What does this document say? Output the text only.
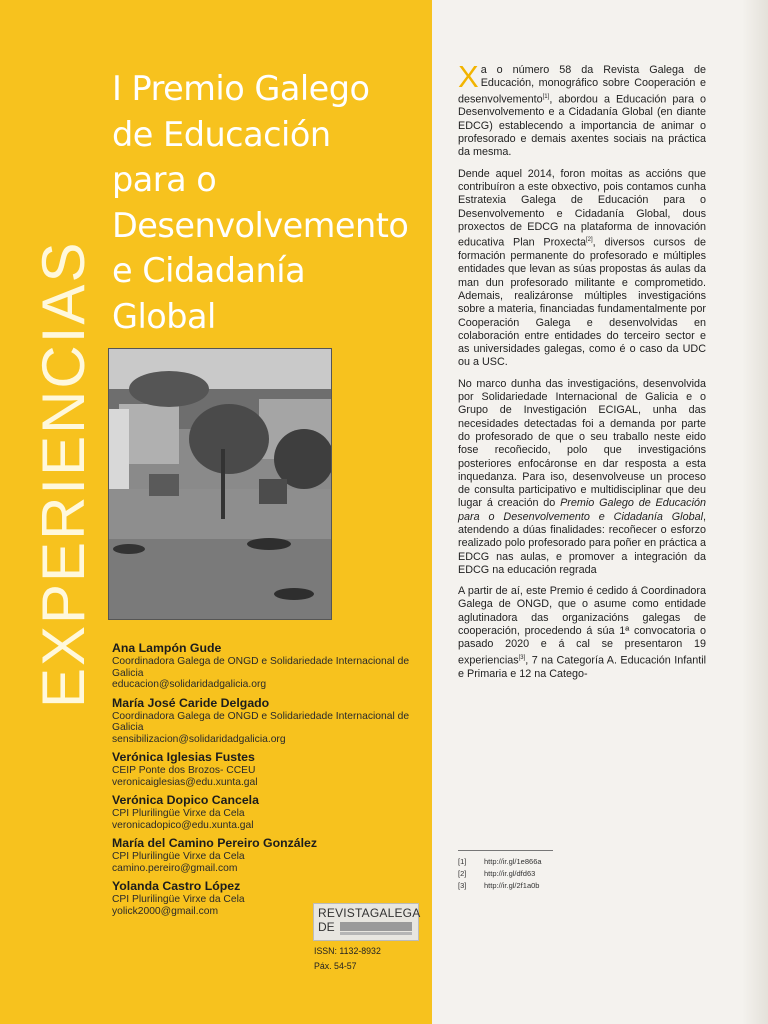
EXPERIENCIAS
I Premio Galego
de Educación
para o
Desenvolvemento
e Cidadanía
Global
Ana Lampón Gude
Coordinadora Galega de ONGD e Solidariedade Internacional de Galicia
educacion@solidaridadgalicia.org
María José Caride Delgado
Coordinadora Galega de ONGD e Solidariedade Internacional de Galicia
sensibilizacion@solidaridadgalicia.org
Verónica Iglesias Fustes
CEIP Ponte dos Brozos- CCEU
veronicaiglesias@edu.xunta.gal
Verónica Dopico Cancela
CPI Plurilingüe Virxe da Cela
veronicadopico@edu.xunta.gal
María del Camino Pereiro González
CPI Plurilingüe Virxe da Cela
camino.pereiro@gmail.com
Yolanda Castro López
CPI Plurilingüe Virxe da Cela
yolick2000@gmail.com	REVISTAGALEGA
DE
ISSN: 1132-8932
Páx. 54-57

Xa o número 58 da Revista Galega de Educación, monográfico sobre Cooperación e desenvolvemento[1], abordou a Educación para o Desenvolvemento e a Cidadanía Global (en diante EDCG) establecendo a importancia de animar o profesorado e demais axentes sociais na práctica da mesma.

Dende aquel 2014, foron moitas as accións que contribuíron a este obxectivo, pois contamos cunha Estratexia Galega de Educación para o Desenvolvemento e Cidadanía Global, dous proxectos de EDCG na plataforma de innovación educativa Plan Proxecta[2], diversos cursos de formación permanente do profesorado e múltiples entidades que levan as súas propostas ás aulas da man dun profesorado militante e comprometido. Ademais, realizáronse múltiples investigacións sobre a materia, financiadas fundamentalmente por Cooperación Galega e desenvolvidas en colaboración entre entidades do terceiro sector e as universidades galegas, como é o caso da UDC ou a USC.

No marco dunha das investigacións, desenvolvida por Solidariedade Internacional de Galicia e o Grupo de Investigación ECIGAL, unha das necesidades detectadas foi a demanda por parte do profesorado de que o seu traballo neste eido fose recoñecido, polo que investigacións posteriores enfocáronse en dar resposta a esta inquedanza. Para iso, desenvolveuse un proceso de consulta participativo e multidisciplinar que deu lugar á creación do Premio Galego de Educación para o Desenvolvemento e Cidadanía Global, atendendo a dúas finalidades: recoñecer o esforzo realizado polo profesorado para poñer en práctica a EDCG nas aulas, e promover a integración da EDCG na educación regrada

A partir de aí, este Premio é cedido á Coordinadora Galega de ONGD, que o asume como entidade aglutinadora das organizacións galegas de cooperación, procedendo á súa 1ª convocatoria o pasado 2020 e á cal se presentaron 19 experiencias[3], 7 na Categoría A. Educación Infantil e Primaria e 12 na Catego-

[1] http://ir.gl/1e866a
[2] http://ir.gl/dfd63
[3] http://ir.gl/2f1a0b
